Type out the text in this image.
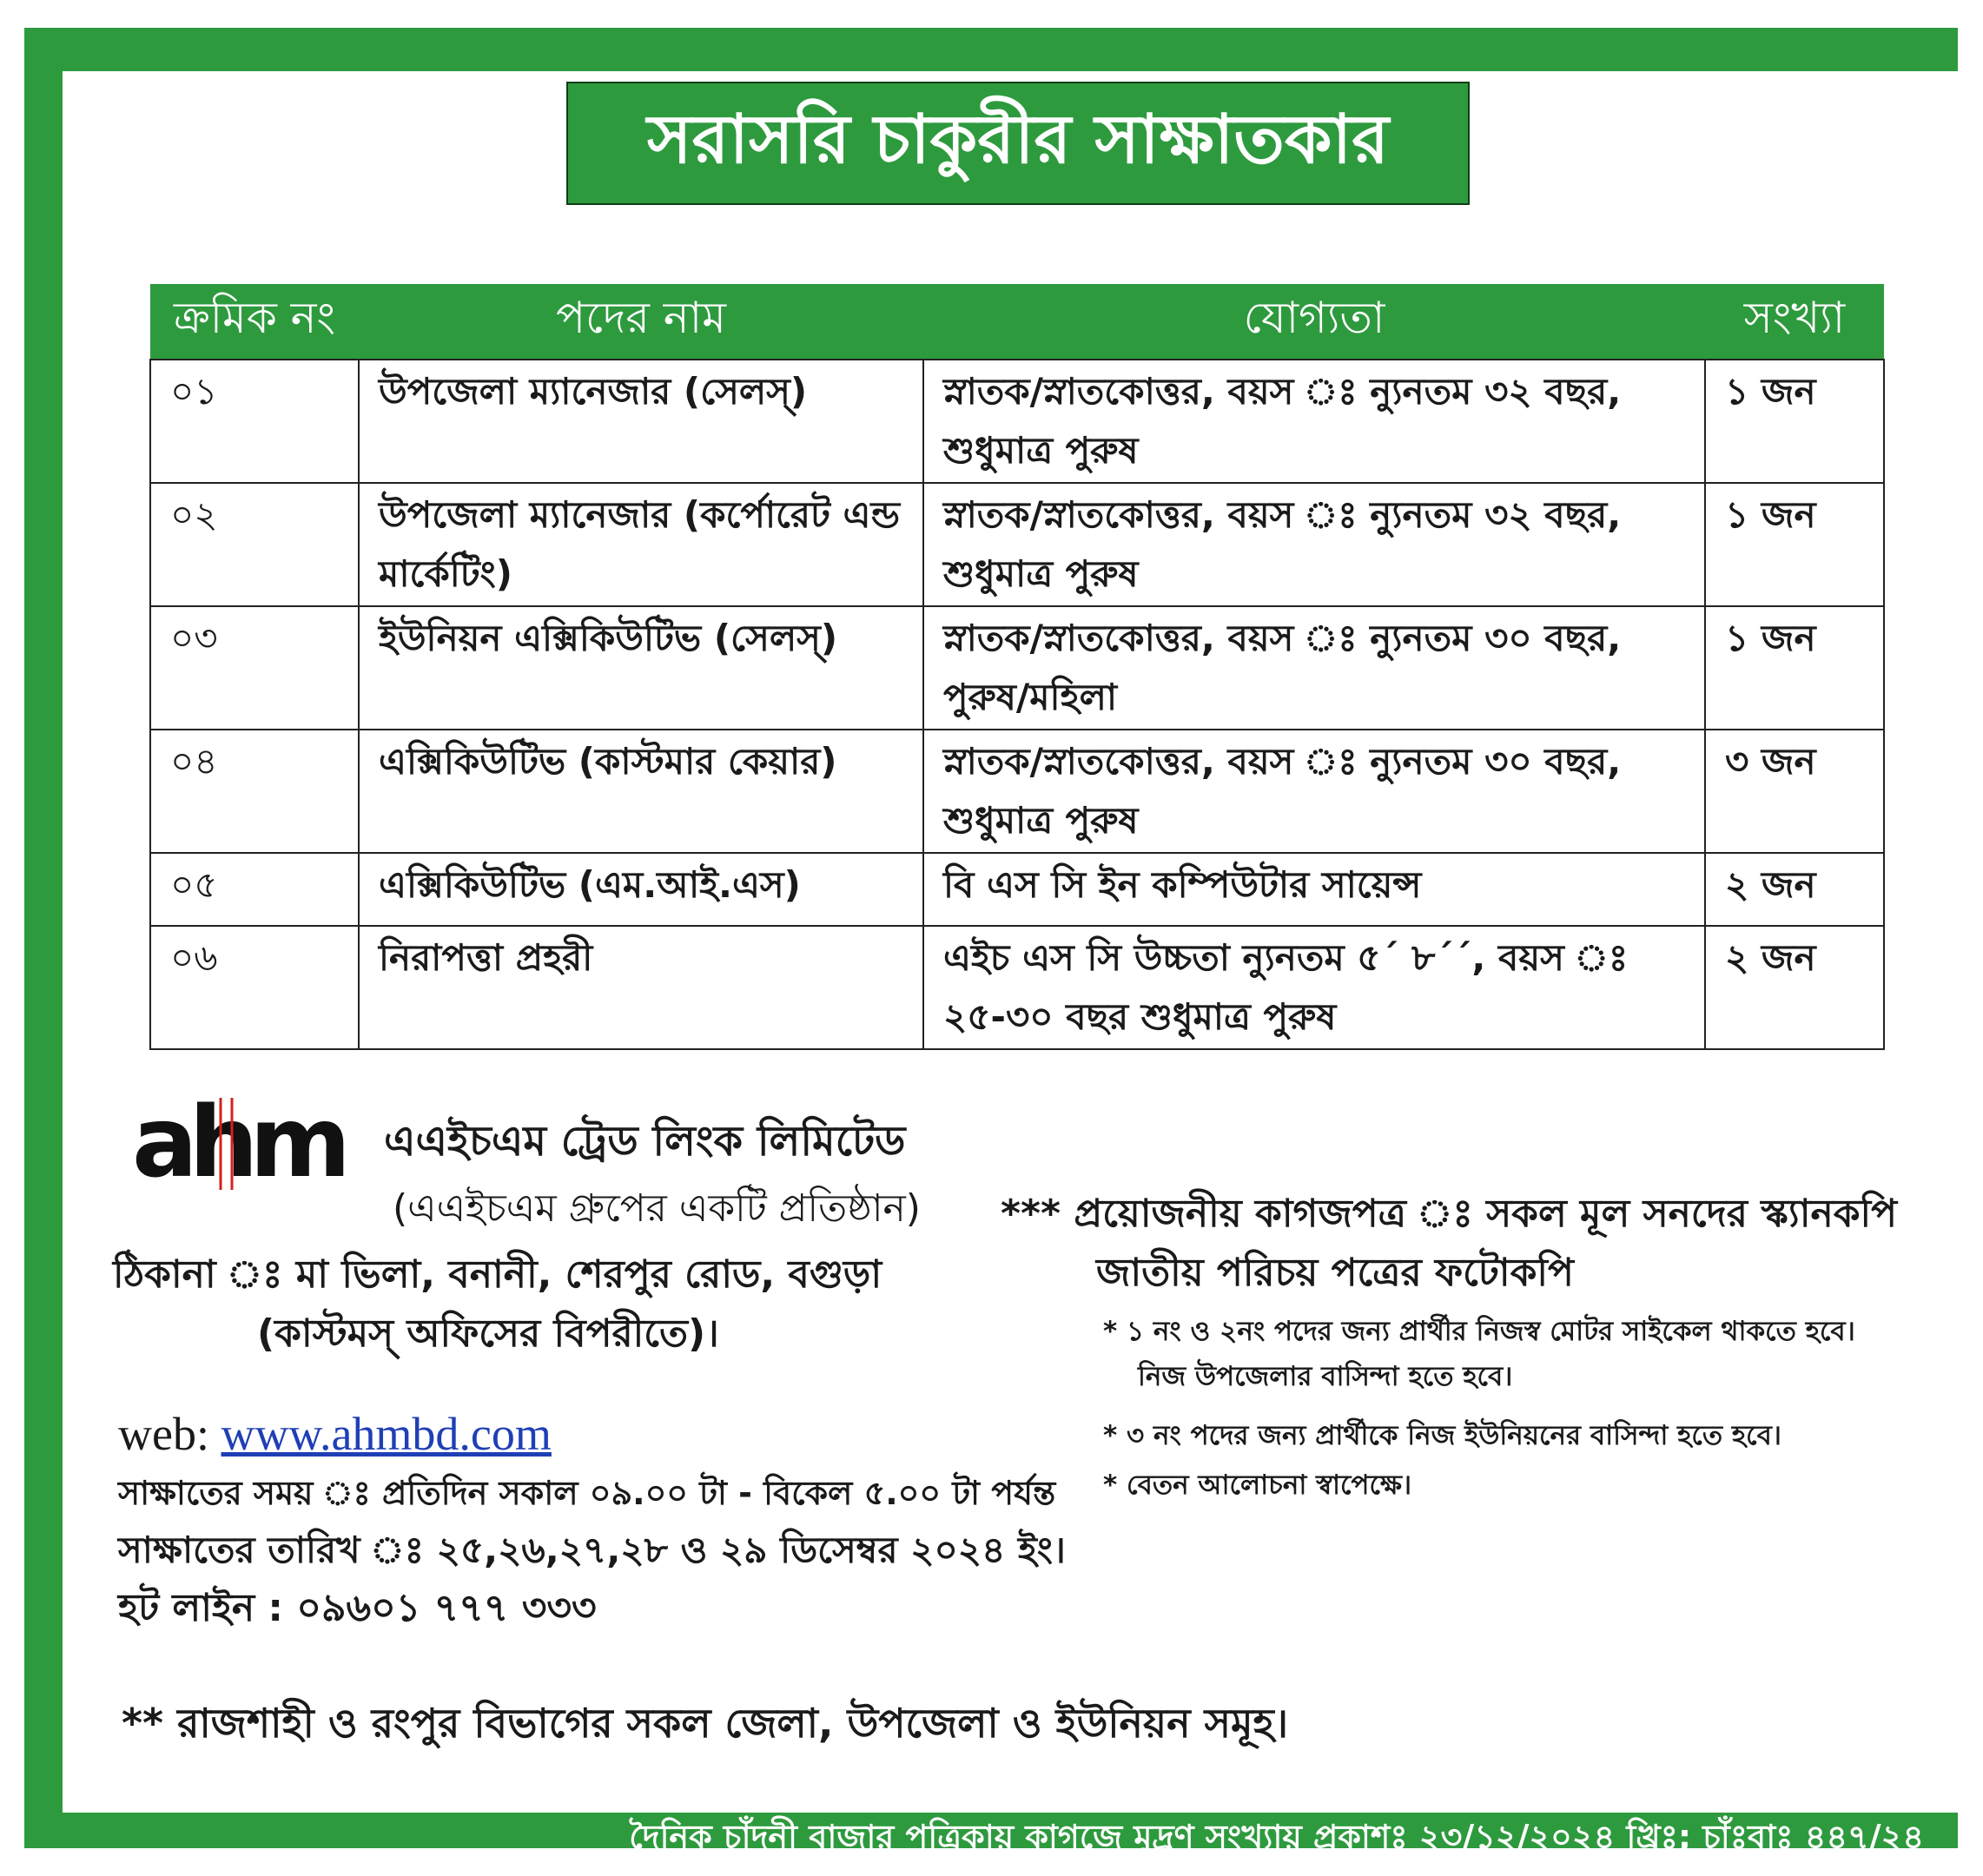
সরাসরি চাকুরীর সাক্ষাতকার
ক্রমিক নং	পদের নাম	যোগ্যতা	সংখ্যা
০১	উপজেলা ম্যানেজার (সেলস্)	স্নাতক/স্নাতকোত্তর, বয়স ঃ ন্যুনতম ৩২ বছর, শুধুমাত্র পুরুষ	১ জন
০২	উপজেলা ম্যানেজার (কর্পোরেট এন্ড মার্কেটিং)	স্নাতক/স্নাতকোত্তর, বয়স ঃ ন্যুনতম ৩২ বছর, শুধুমাত্র পুরুষ	১ জন
০৩	ইউনিয়ন এক্সিকিউটিভ (সেলস্)	স্নাতক/স্নাতকোত্তর, বয়স ঃ ন্যুনতম ৩০ বছর, পুরুষ/মহিলা	১ জন
০৪	এক্সিকিউটিভ (কাস্টমার কেয়ার)	স্নাতক/স্নাতকোত্তর, বয়স ঃ ন্যুনতম ৩০ বছর, শুধুমাত্র পুরুষ	৩ জন
০৫	এক্সিকিউটিভ (এম.আই.এস)	বি এস সি ইন কম্পিউটার সায়েন্স	২ জন
০৬	নিরাপত্তা প্রহরী	এইচ এস সি উচ্চতা ন্যুনতম ৫´ ৮´´, বয়স ঃ ২৫-৩০ বছর শুধুমাত্র পুরুষ	২ জন
ahm এএইচএম ট্রেড লিংক লিমিটেড
(এএইচএম গ্রুপের একটি প্রতিষ্ঠান)
ঠিকানা ঃ মা ভিলা, বনানী, শেরপুর রোড, বগুড়া
(কাস্টমস্ অফিসের বিপরীতে)।
web: www.ahmbd.com
সাক্ষাতের সময় ঃ প্রতিদিন সকাল ০৯.০০ টা - বিকেল ৫.০০ টা পর্যন্ত
সাক্ষাতের তারিখ ঃ ২৫,২৬,২৭,২৮ ও ২৯ ডিসেম্বর ২০২৪ ইং।
হট লাইন : ০৯৬০১ ৭৭৭ ৩৩৩
*** প্রয়োজনীয় কাগজপত্র ঃ সকল মূল সনদের স্ক্যানকপি
জাতীয় পরিচয় পত্রের ফটোকপি
* ১ নং ও ২নং পদের জন্য প্রার্থীর নিজস্ব মোটর সাইকেল থাকতে হবে।
নিজ উপজেলার বাসিন্দা হতে হবে।
* ৩ নং পদের জন্য প্রার্থীকে নিজ ইউনিয়নের বাসিন্দা হতে হবে।
* বেতন আলোচনা স্বাপেক্ষে।
** রাজশাহী ও রংপুর বিভাগের সকল জেলা, উপজেলা ও ইউনিয়ন সমূহ।
দৈনিক চাঁদনী বাজার পত্রিকায় কাগজে মুদ্রণ সংখ্যায় প্রকাশঃ ২৩/১২/২০২৪ খ্রিঃ; চাঁঃবাঃ ৪৪৭/২৪
